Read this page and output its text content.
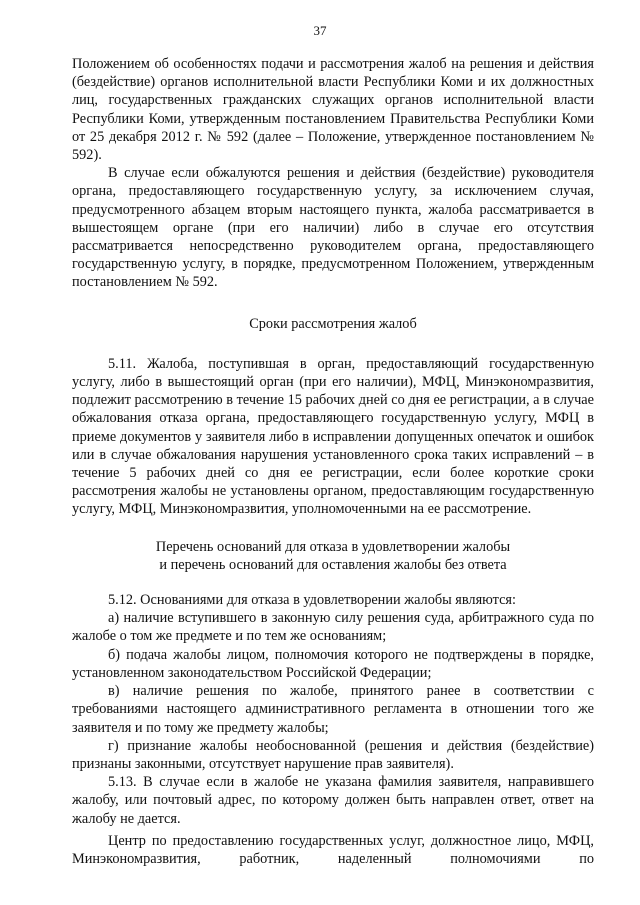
37

Положением об особенностях подачи и рассмотрения жалоб на решения и действия (бездействие) органов исполнительной власти Республики Коми и их должностных лиц, государственных гражданских служащих органов исполнительной власти Республики Коми, утвержденным постановлением Правительства Республики Коми от 25 декабря 2012 г. № 592 (далее – Положение, утвержденное постановлением № 592).

В случае если обжалуются решения и действия (бездействие) руководителя органа, предоставляющего государственную услугу, за исключением случая, предусмотренного абзацем вторым настоящего пункта, жалоба рассматривается в вышестоящем органе (при его наличии) либо в случае его отсутствия рассматривается непосредственно руководителем органа, предоставляющего государственную услугу, в порядке, предусмотренном Положением, утвержденным постановлением № 592.

Сроки рассмотрения жалоб

5.11. Жалоба, поступившая в орган, предоставляющий государственную услугу, либо в вышестоящий орган (при его наличии), МФЦ, Минэкономразвития, подлежит рассмотрению в течение 15 рабочих дней со дня ее регистрации, а в случае обжалования отказа органа, предоставляющего государственную услугу, МФЦ в приеме документов у заявителя либо в исправлении допущенных опечаток и ошибок или в случае обжалования нарушения установленного срока таких исправлений – в течение 5 рабочих дней со дня ее регистрации, если более короткие сроки рассмотрения жалобы не установлены органом, предоставляющим государственную услугу, МФЦ, Минэкономразвития, уполномоченными на ее рассмотрение.

Перечень оснований для отказа в удовлетворении жалобы

и перечень оснований для оставления жалобы без ответа

5.12. Основаниями для отказа в удовлетворении жалобы являются:

а) наличие вступившего в законную силу решения суда, арбитражного суда по жалобе о том же предмете и по тем же основаниям;

б) подача жалобы лицом, полномочия которого не подтверждены в порядке, установленном законодательством Российской Федерации;

в) наличие решения по жалобе, принятого ранее в соответствии с требованиями настоящего административного регламента в отношении того же заявителя и по тому же предмету жалобы;

г) признание жалобы необоснованной (решения и действия (бездействие) признаны законными, отсутствует нарушение прав заявителя).

5.13. В случае если в жалобе не указана фамилия заявителя, направившего жалобу, или почтовый адрес, по которому должен быть направлен ответ, ответ на жалобу не дается.

Центр по предоставлению государственных услуг, должностное лицо, МФЦ, Минэкономразвития, работник, наделенный полномочиями по
